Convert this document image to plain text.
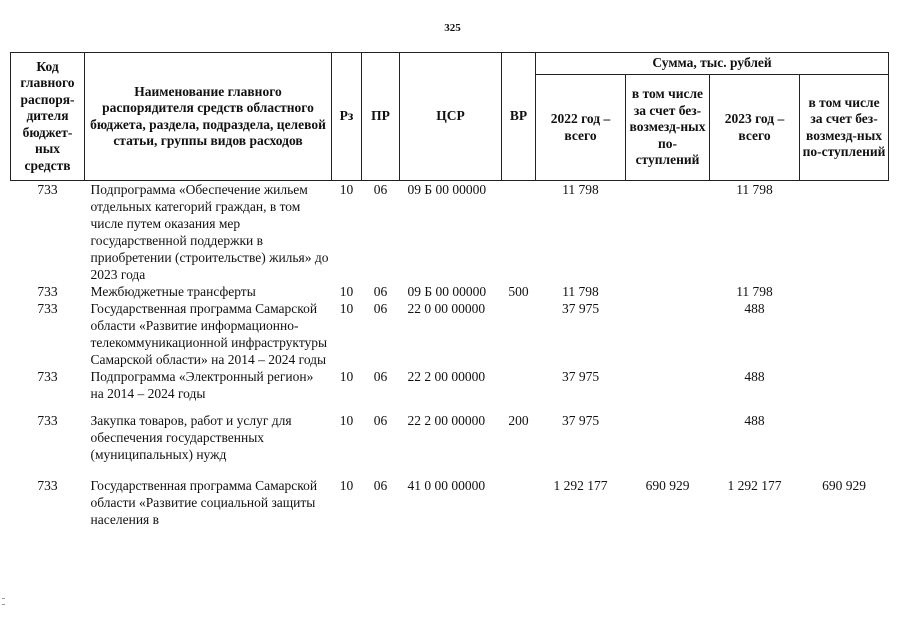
325
Код главного распоря-дителя бюджет-ных средств	Наименование главного распорядителя средств областного бюджета, раздела, подраздела, целевой статьи, группы видов расходов	Рз	ПР	ЦСР	ВР	Сумма, тыс. рублей			
						2022 год – всего	в том числе за счет без-возмезд-ных по-ступлений	2023 год – всего	в том числе за счет без-возмезд-ных по-ступлений
733	Подпрограмма «Обеспечение жильем отдельных категорий граждан, в том числе путем оказания мер государственной поддержки в приобретении (строительстве) жилья» до 2023 года	10	06	09 Б 00 00000		11 798		11 798	
733	Межбюджетные трансферты	10	06	09 Б 00 00000	500	11 798		11 798	
733	Государственная программа Самарской области «Развитие информационно-телекоммуникационной инфраструктуры Самарской области» на 2014 – 2024 годы	10	06	22 0 00 00000		37 975		488	
733	Подпрограмма «Электронный регион» на 2014 – 2024 годы	10	06	22 2 00 00000		37 975		488	

733	Закупка товаров, работ и услуг для обеспечения государственных (муниципальных) нужд	10	06	22 2 00 00000	200	37 975		488	

733	Государственная программа Самарской области «Развитие социальной защиты населения в	10	06	41 0 00 00000		1 292 177	690 929	1 292 177	690 929
